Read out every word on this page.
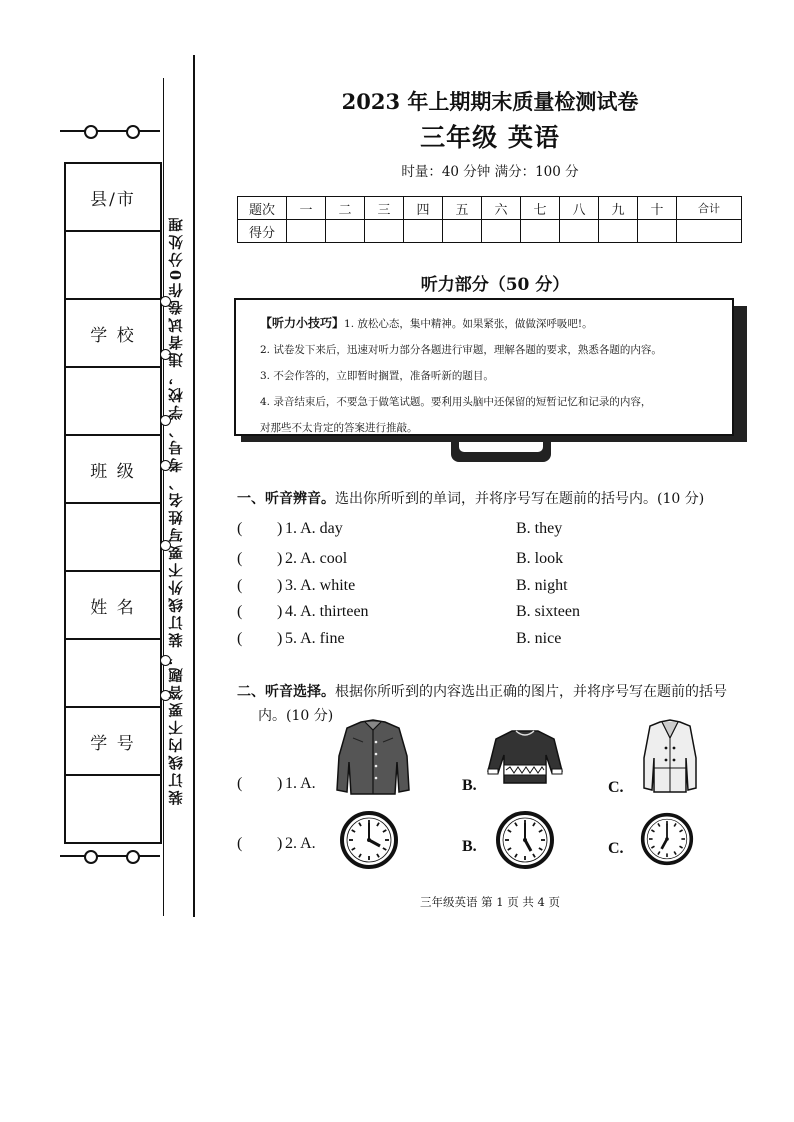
县/市
学 校
班 级
姓 名
学 号	装订线内不要答题，装订线外不要写姓名、考号、学校，违者试卷作0分处理
2023 年上期期末质量检测试卷
三年级 英语
时量：40 分钟 满分：100 分
题次	一	二	三	四	五	六	七	八	九	十	合计
得分											
听力部分（50 分）
【听力小技巧】1. 放松心态，集中精神。如果紧张，做做深呼吸吧!。
2. 试卷发下来后，迅速对听力部分各题进行审题，理解各题的要求，熟悉各题的内容。
3. 不会作答的，立即暂时搁置，准备听新的题目。
4. 录音结束后，不要急于做笔试题。要利用头脑中还保留的短暂记忆和记录的内容，
对那些不太肯定的答案进行推敲。
一、听音辨音。选出你所听到的单词，并将序号写在题前的括号内。(10 分)
( ) 1. A. day	B. they
( ) 2. A. cool	B. look
( ) 3. A. white	B. night
( ) 4. A. thirteen	B. sixteen
( ) 5. A. fine	B. nice
二、听音选择。根据你所听到的内容选出正确的图片，并将序号写在题前的括号
内。(10 分)
( ) 1. A.	B.	C.
( ) 2. A.	B.	C.
三年级英语 第 1 页 共 4 页
